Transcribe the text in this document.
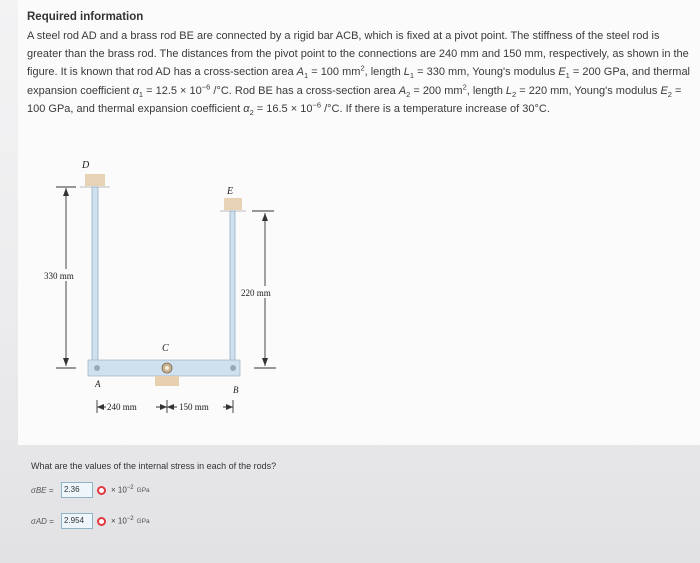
Required information

A steel rod AD and a brass rod BE are connected by a rigid bar ACB, which is fixed at a pivot point. The stiffness of the steel rod is greater than the brass rod. The distances from the pivot point to the connections are 240 mm and 150 mm, respectively, as shown in the figure. It is known that rod AD has a cross-section area $A_1 = 100$ $mm^2$, length $L_1 = 330$ mm, Young's modulus $E_1 = 200$ GPa, and thermal expansion coefficient $\alpha_1 = 12.5 \times 10^{-6}$ /°C. Rod BE has a cross-section area $A_2 = 200$ $mm^2$, length $L_2 = 220$ mm, Young's modulus $E_2 = 100$ GPa, and thermal expansion coefficient $\alpha_2 = 16.5 \times 10^{-6}$ /°C. If there is a temperature increase of 30°C.

D
E
C
A
B
330 mm
220 mm
240 mm	150 mm
What are the values of the internal stress in each of the rods?
σBE =	2.36	× $10^{-2}$ GPa
σAD =	2.954	× $10^{-2}$ GPa
